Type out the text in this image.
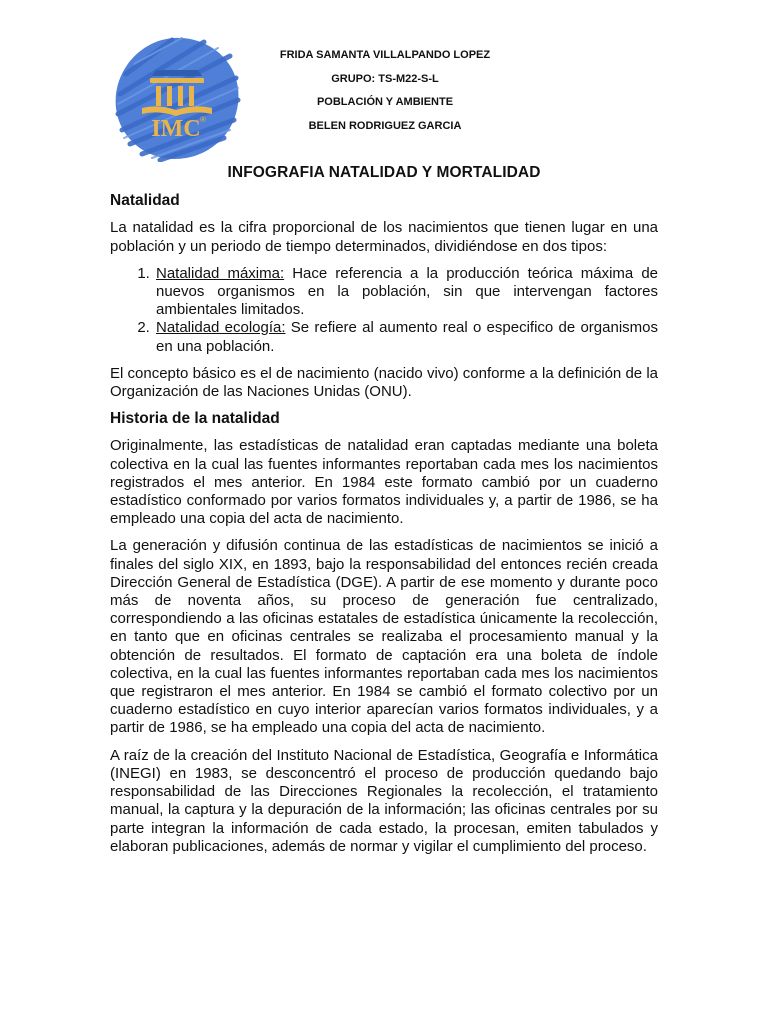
IMC ®
FRIDA SAMANTA VILLALPANDO LOPEZ
GRUPO: TS-M22-S-L
POBLACIÓN Y AMBIENTE
BELEN RODRIGUEZ GARCIA
INFOGRAFIA NATALIDAD Y MORTALIDAD
Natalidad

La natalidad es la cifra proporcional de los nacimientos que tienen lugar en una población y un periodo de tiempo determinados, dividiéndose en dos tipos:

1. Natalidad máxima: Hace referencia a la producción teórica máxima de nuevos organismos en la población, sin que intervengan factores ambientales limitados.
2. Natalidad ecología: Se refiere al aumento real o especifico de organismos en una población.

El concepto básico es el de nacimiento (nacido vivo) conforme a la definición de la Organización de las Naciones Unidas (ONU).

Historia de la natalidad

Originalmente, las estadísticas de natalidad eran captadas mediante una boleta colectiva en la cual las fuentes informantes reportaban cada mes los nacimientos registrados el mes anterior. En 1984 este formato cambió por un cuaderno estadístico conformado por varios formatos individuales y, a partir de 1986, se ha empleado una copia del acta de nacimiento.

La generación y difusión continua de las estadísticas de nacimientos se inició a finales del siglo XIX, en 1893, bajo la responsabilidad del entonces recién creada Dirección General de Estadística (DGE). A partir de ese momento y durante poco más de noventa años, su proceso de generación fue centralizado, correspondiendo a las oficinas estatales de estadística únicamente la recolección, en tanto que en oficinas centrales se realizaba el procesamiento manual y la obtención de resultados. El formato de captación era una boleta de índole colectiva, en la cual las fuentes informantes reportaban cada mes los nacimientos que registraron el mes anterior. En 1984 se cambió el formato colectivo por un cuaderno estadístico en cuyo interior aparecían varios formatos individuales, y a partir de 1986, se ha empleado una copia del acta de nacimiento.

A raíz de la creación del Instituto Nacional de Estadística, Geografía e Informática (INEGI) en 1983, se desconcentró el proceso de producción quedando bajo responsabilidad de las Direcciones Regionales la recolección, el tratamiento manual, la captura y la depuración de la información; las oficinas centrales por su parte integran la información de cada estado, la procesan, emiten tabulados y elaboran publicaciones, además de normar y vigilar el cumplimiento del proceso.
